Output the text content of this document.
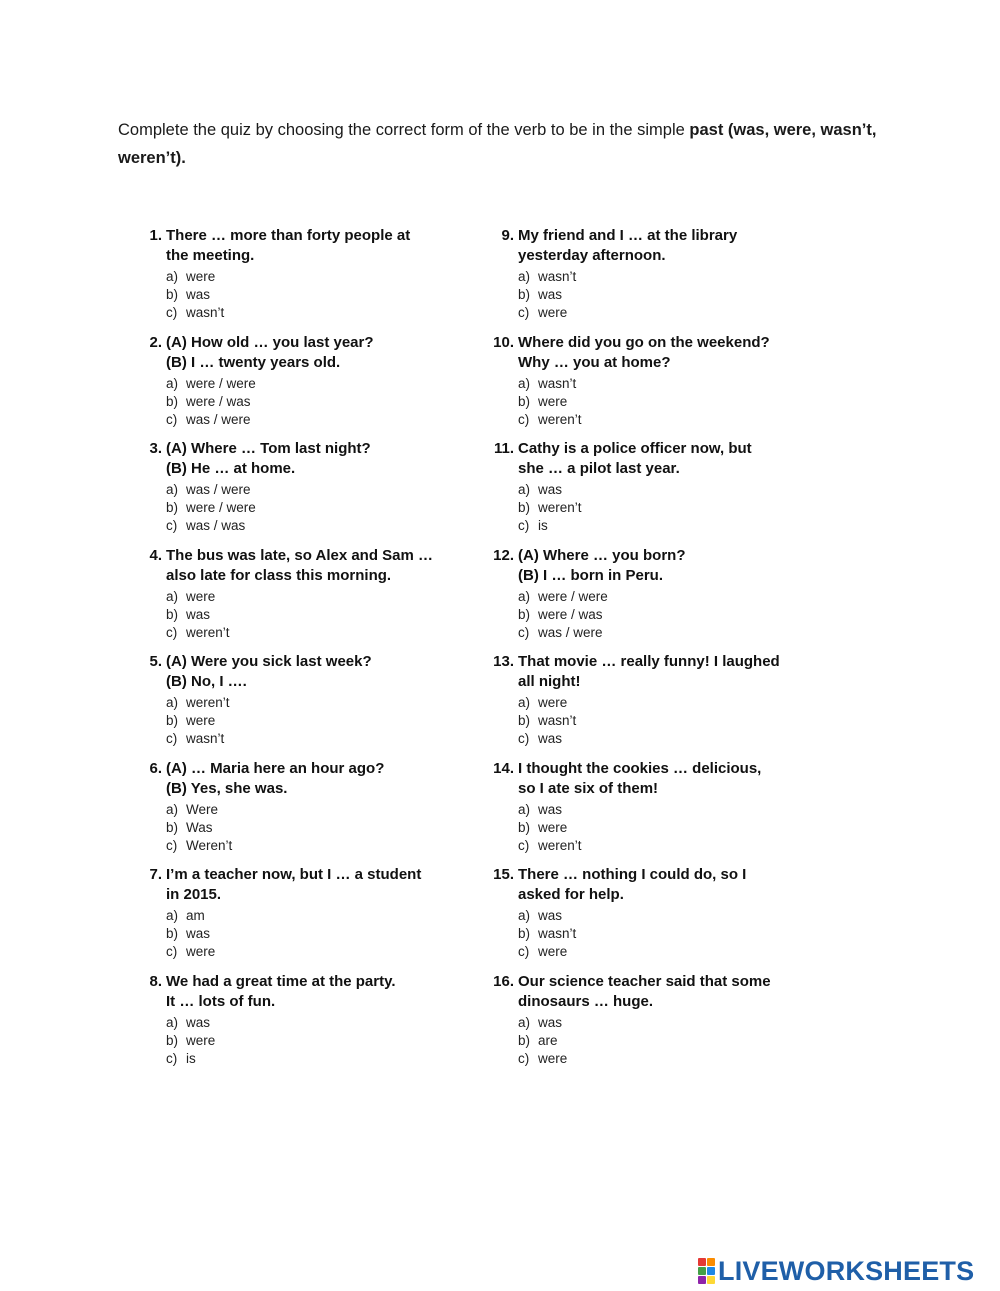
Complete the quiz by choosing the correct form of the verb to be in the simple past (was, were, wasn’t, weren’t).
1. There … more than forty people at
the meeting.
a) were
b) was
c) wasn’t
2. (A) How old … you last year?
(B) I … twenty years old.
a) were / were
b) were / was
c) was / were
3. (A) Where … Tom last night?
(B) He … at home.
a) was / were
b) were / were
c) was / was
4. The bus was late, so Alex and Sam …
also late for class this morning.
a) were
b) was
c) weren’t
5. (A) Were you sick last week?
(B) No, I ….
a) weren’t
b) were
c) wasn’t
6. (A) … Maria here an hour ago?
(B) Yes, she was.
a) Were
b) Was
c) Weren’t
7. I’m a teacher now, but I … a student
in 2015.
a) am
b) was
c) were
8. We had a great time at the party.
It … lots of fun.
a) was
b) were
c) is
9. My friend and I … at the library
yesterday afternoon.
a) wasn’t
b) was
c) were
10. Where did you go on the weekend?
Why … you at home?
a) wasn’t
b) were
c) weren’t
11. Cathy is a police officer now, but
she … a pilot last year.
a) was
b) weren’t
c) is
12. (A) Where … you born?
(B) I … born in Peru.
a) were / were
b) were / was
c) was / were
13. That movie … really funny! I laughed
all night!
a) were
b) wasn’t
c) was
14. I thought the cookies … delicious,
so I ate six of them!
a) was
b) were
c) weren’t
15. There … nothing I could do, so I
asked for help.
a) was
b) wasn’t
c) were
16. Our science teacher said that some
dinosaurs … huge.
a) was
b) are
c) were
LIVEWORKSHEETS
